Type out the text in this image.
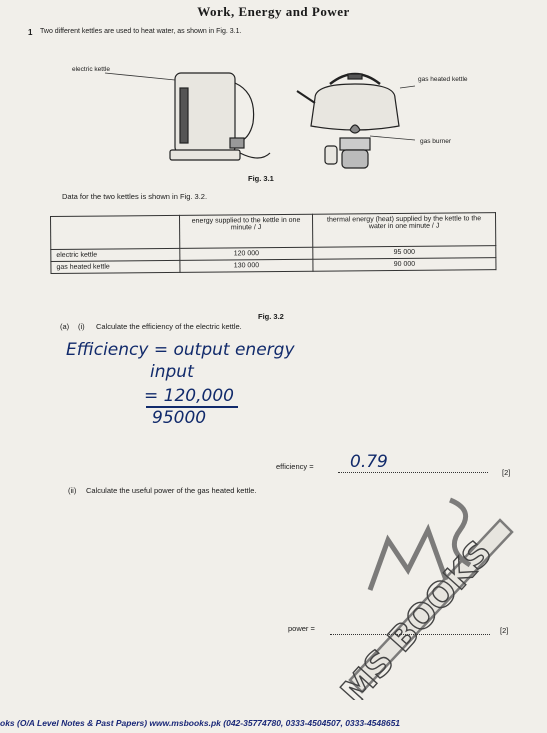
Work, Energy and Power
1 Two different kettles are used to heat water, as shown in Fig. 3.1.
electric kettle
gas heated kettle
gas burner
Fig. 3.1
Data for the two kettles is shown in Fig. 3.2.
	energy supplied to the kettle in one minute / J	thermal energy (heat) supplied by the kettle to the water in one minute / J
electric kettle	120 000	95 000
gas heated kettle	130 000	90 000
Fig. 3.2
(a) (i) Calculate the efficiency of the electric kettle.
Efficiency = output energy
input
= 120,000
95000
efficiency = 0.79
[2]
(ii) Calculate the useful power of the gas heated kettle.
MS BOOKS
power =	[2]
oks (O/A Level Notes & Past Papers) www.msbooks.pk (042-35774780, 0333-4504507, 0333-4548651
